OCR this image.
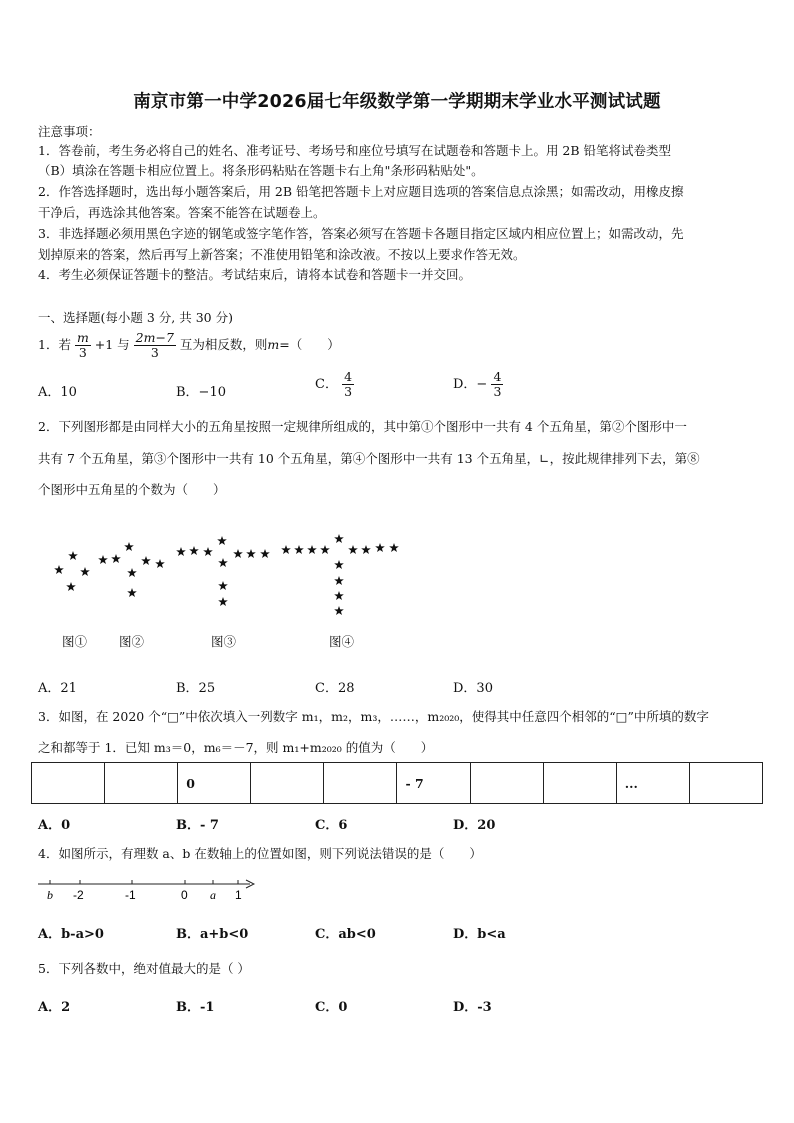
南京市第一中学2026届七年级数学第一学期期末学业水平测试试题
注意事项：
1．答卷前，考生务必将自己的姓名、准考证号、考场号和座位号填写在试题卷和答题卡上。用 2B 铅笔将试卷类型
（B）填涂在答题卡相应位置上。将条形码粘贴在答题卡右上角"条形码粘贴处"。
2．作答选择题时，选出每小题答案后，用 2B 铅笔把答题卡上对应题目选项的答案信息点涂黑；如需改动，用橡皮擦
干净后，再选涂其他答案。答案不能答在试题卷上。
3．非选择题必须用黑色字迹的钢笔或签字笔作答，答案必须写在答题卡各题目指定区域内相应位置上；如需改动，先
划掉原来的答案，然后再写上新答案；不准使用铅笔和涂改液。不按以上要求作答无效。
4．考生必须保证答题卡的整洁。考试结束后，请将本试卷和答题卡一并交回。
一、选择题(每小题 3 分, 共 30 分)
1．若 $\frac{m}{3} +1$ 与 $\frac{2m-7}{3}$ 互为相反数，则m=（　　）
A．10	B．−10
C． $\frac{4}{3}$	D．− $\frac{4}{3}$
2．下列图形都是由同样大小的五角星按照一定规律所组成的，其中第①个图形中一共有 4 个五角星，第②个图形中一
共有 7 个五角星，第③个图形中一共有 10 个五角星，第④个图形中一共有 13 个五角星，∟，按此规律排列下去，第⑧
个图形中五角星的个数为（　　）
图①	图②	图③	图④
A．21	B．25	C．28	D．30
3．如图，在 2020 个“□”中依次填入一列数字 m₁，m₂，m₃，……，m₂₀₂₀，使得其中任意四个相邻的“□”中所填的数字
之和都等于 1．已知 m₃＝0，m₆＝－7，则 m₁+m₂₀₂₀ 的值为（　　）
		0			- 7			...	
A．0	B．- 7	C．6	D．20
4．如图所示，有理数 a、b 在数轴上的位置如图，则下列说法错误的是（　　）
b -2	-1	0 a 1
A．b-a>0	B．a+b<0	C．ab<0	D．b<a
5．下列各数中，绝对值最大的是（ ）
A．2	B．-1	C．0	D．-3
